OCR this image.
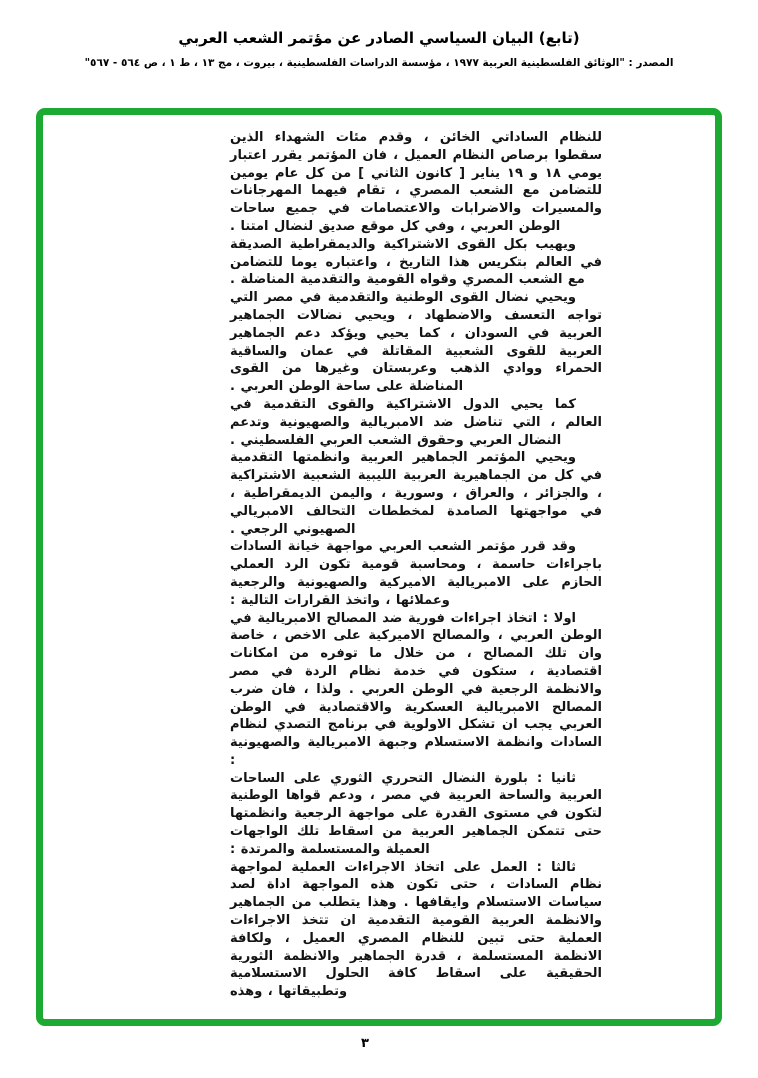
(تابع) البيان السياسي الصادر عن مؤتمر الشعب العربي
المصدر : "الوثائق الفلسطينية العربية ١٩٧٧ ، مؤسسة الدراسات الفلسطينية ، بيروت ، مج ١٣ ، ط ١ ، ص ٥٦٤ - ٥٦٧"

للنظام الساداتي الخائن ، وقدم مئات الشهداء الذين سقطوا برصاص النظام العميل ، فان المؤتمر يقرر اعتبار يومي ١٨ و ١٩ يناير [ كانون الثاني ] من كل عام يومين للتضامن مع الشعب المصري ، تقام فيهما المهرجانات والمسيرات والاضرابات والاعتصامات في جميع ساحات الوطن العربي ، وفي كل موقع صديق لنضال امتنا .

ويهيب بكل القوى الاشتراكية والديمقراطية الصديقة في العالم بتكريس هذا التاريخ ، واعتباره يوما للتضامن مع الشعب المصري وقواه القومية والتقدمية المناضلة .

ويحيي نضال القوى الوطنية والتقدمية في مصر التي تواجه التعسف والاضطهاد ، ويحيي نضالات الجماهير العربية في السودان ، كما يحيي ويؤكد دعم الجماهير العربية للقوى الشعبية المقاتلة في عمان والساقية الحمراء ووادي الذهب وعربستان وغيرها من القوى المناضلة على ساحة الوطن العربي .

كما يحيي الدول الاشتراكية والقوى التقدمية في العالم ، التي تناضل ضد الامبريالية والصهيونية وتدعم النضال العربي وحقوق الشعب العربي الفلسطيني .

ويحيي المؤتمر الجماهير العربية وانظمتها التقدمية في كل من الجماهيرية العربية الليبية الشعبية الاشتراكية ، والجزائر ، والعراق ، وسورية ، واليمن الديمقراطية ، في مواجهتها الصامدة لمخططات التحالف الامبريالي الصهيوني الرجعي .

وقد قرر مؤتمر الشعب العربي مواجهة خيانة السادات باجراءات حاسمة ، ومحاسبة قومية تكون الرد العملي الحازم على الامبريالية الاميركية والصهيونية والرجعية وعملائها ، واتخذ القرارات التالية :

اولا : اتخاذ اجراءات فورية ضد المصالح الامبريالية في الوطن العربي ، والمصالح الاميركية على الاخص ، خاصة وان تلك المصالح ، من خلال ما توفره من امكانات اقتصادية ، ستكون في خدمة نظام الردة في مصر والانظمة الرجعية في الوطن العربي . ولذا ، فان ضرب المصالح الامبريالية العسكرية والاقتصادية في الوطن العربي يجب ان تشكل الاولوية في برنامج التصدي لنظام السادات وانظمة الاستسلام وجبهة الامبريالية والصهيونية :

ثانيا : بلورة النضال التحرري الثوري على الساحات العربية والساحة العربية في مصر ، ودعم قواها الوطنية لتكون في مستوى القدرة على مواجهة الرجعية وانظمتها حتى تتمكن الجماهير العربية من اسقاط تلك الواجهات العميلة والمستسلمة والمرتدة :

ثالثا : العمل على اتخاذ الاجراءات العملية لمواجهة نظام السادات ، حتى تكون هذه المواجهة اداة لصد سياسات الاستسلام وايقافها . وهذا يتطلب من الجماهير والانظمة العربية القومية التقدمية ان تتخذ الاجراءات العملية حتى تبين للنظام المصري العميل ، ولكافة الانظمة المستسلمة ، قدرة الجماهير والانظمة الثورية الحقيقية على اسقاط كافة الحلول الاستسلامية وتطبيقاتها ، وهذه

٣
